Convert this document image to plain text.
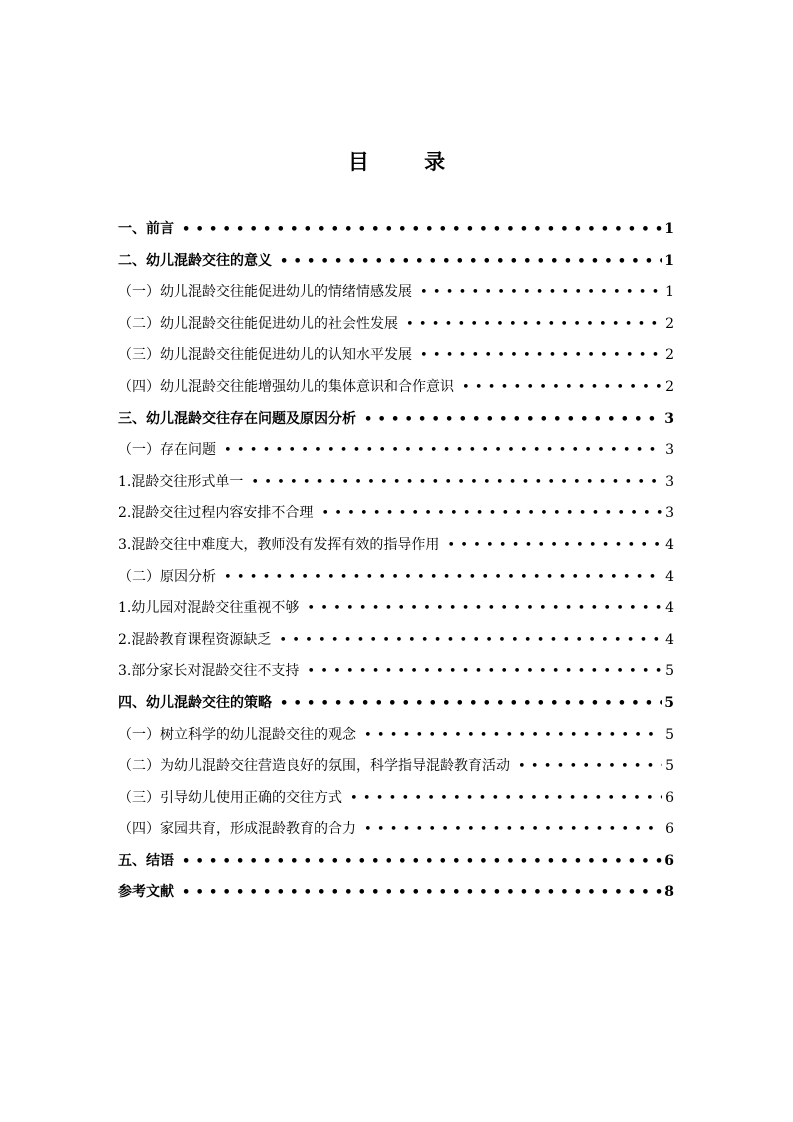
目 录
一、前言 •••••	1
二、幼儿混龄交往的意义 •••••	1
（一）幼儿混龄交往能促进幼儿的情绪情感发展 •••••	1
（二）幼儿混龄交往能促进幼儿的社会性发展 •••••	2
（三）幼儿混龄交往能促进幼儿的认知水平发展 •••••	2
（四）幼儿混龄交往能增强幼儿的集体意识和合作意识 •••••	2
三、幼儿混龄交往存在问题及原因分析 •••••	3
（一）存在问题 •••••	3
1.混龄交往形式单一 •••••	3
2.混龄交往过程内容安排不合理 •••••	3
3.混龄交往中难度大，教师没有发挥有效的指导作用 •••••	4
（二）原因分析 •••••	4
1.幼儿园对混龄交往重视不够 •••••	4
2.混龄教育课程资源缺乏 •••••	4
3.部分家长对混龄交往不支持 •••••	5
四、幼儿混龄交往的策略 •••••	5
（一）树立科学的幼儿混龄交往的观念 •••••	5
（二）为幼儿混龄交往营造良好的氛围，科学指导混龄教育活动 •••••	5
（三）引导幼儿使用正确的交往方式 •••••	6
（四）家园共育，形成混龄教育的合力 •••••	6
五、结语 •••••	6
参考文献 •••••	8
